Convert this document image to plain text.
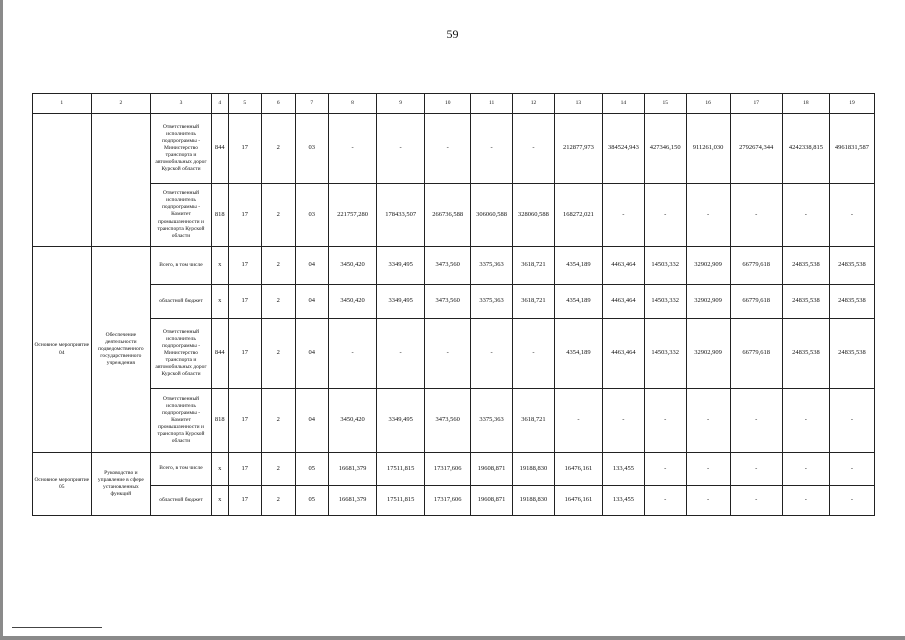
59
1	2	3	4	5	6	7	8	9	10	11	12	13	14	15	16	17	18	19
		Ответственный исполнитель подпрограммы - Министерство транспорта и автомобильных дорог Курской области	844	17	2	03	-	-	-	-	-	212877,973	384524,943	427346,150	911261,030	2792674,344	4242338,815	4961831,587
		Ответственный исполнитель подпрограммы - Комитет промышленности и транспорта Курской области	818	17	2	03	221757,280	178433,507	266736,588	306060,588	328060,588	168272,021	-	-	-	-	-	-
Основное мероприятие 04	Обеспечение деятельности подведомственного государственного учреждения	Всего, в том числе	х	17	2	04	3450,420	3349,495	3473,560	3375,363	3618,721	4354,189	4463,464	14503,332	32902,909	66779,618	24835,538	24835,538
		областной бюджет	х	17	2	04	3450,420	3349,495	3473,560	3375,363	3618,721	4354,189	4463,464	14503,332	32902,909	66779,618	24835,538	24835,538
		Ответственный исполнитель подпрограммы - Министерство транспорта и автомобильных дорог Курской области	844	17	2	04	-	-	-	-	-	4354,189	4463,464	14503,332	32902,909	66779,618	24835,538	24835,538
		Ответственный исполнитель подпрограммы - Комитет промышленности и транспорта Курской области	818	17	2	04	3450,420	3349,495	3473,560	3375,363	3618,721	-	-	-	-	-	-	-
Основное мероприятие 05	Руководство и управление в сфере установленных функций	Всего, в том числе	х	17	2	05	16681,379	17511,815	17317,606	19608,871	19188,830	16476,161	133,455	-	-	-	-	-
		областной бюджет	х	17	2	05	16681,379	17511,815	17317,606	19608,871	19188,830	16476,161	133,455	-	-	-	-	-
